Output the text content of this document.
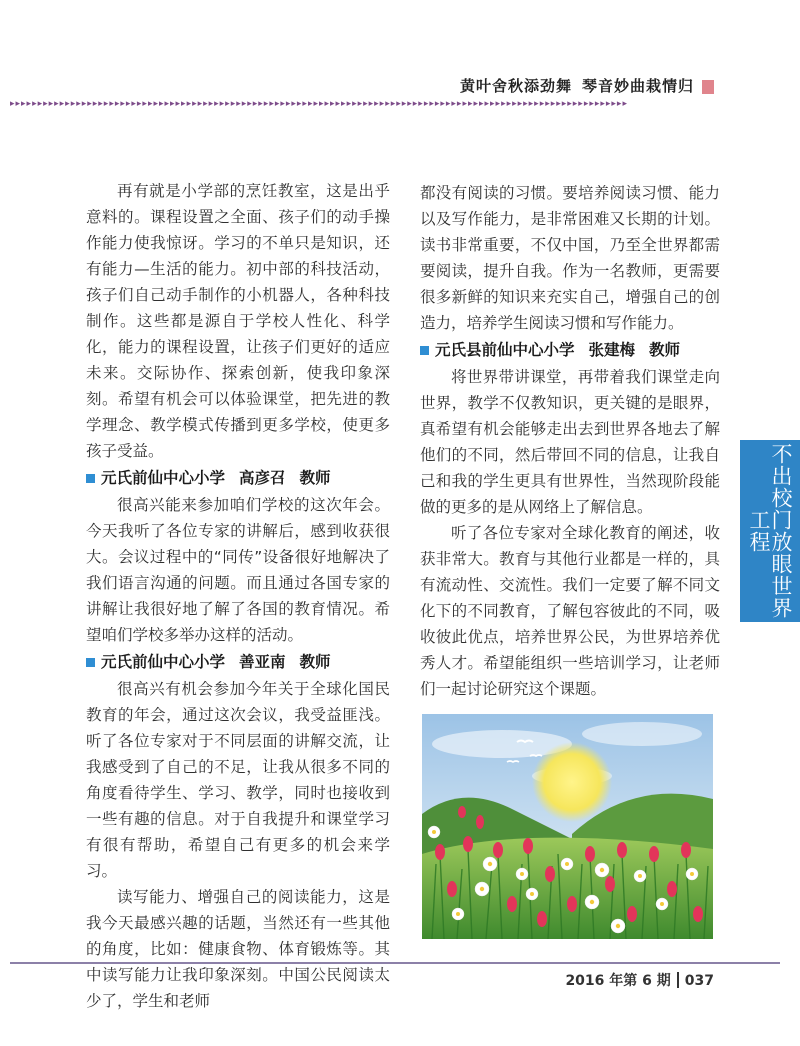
黄叶舍秋添劲舞 琴音妙曲栽情归
▸▸▸▸▸▸▸▸▸▸▸▸▸▸▸▸▸▸▸▸▸▸▸▸▸▸▸▸▸▸▸▸▸▸▸▸▸▸▸▸▸▸▸▸▸▸▸▸▸▸▸▸▸▸▸▸▸▸▸▸▸▸▸▸▸▸▸▸▸▸▸▸▸▸▸▸▸▸▸▸▸▸▸▸▸▸▸▸▸▸▸▸▸▸▸▸▸▸▸▸▸▸▸▸▸▸▸▸▸▸▸▸

再有就是小学部的烹饪教室，这是出乎意料的。课程设置之全面、孩子们的动手操作能力使我惊讶。学习的不单只是知识，还有能力—生活的能力。初中部的科技活动，孩子们自己动手制作的小机器人，各种科技制作。这些都是源自于学校人性化、科学化，能力的课程设置，让孩子们更好的适应未来。交际协作、探索创新，使我印象深刻。希望有机会可以体验课堂，把先进的教学理念、教学模式传播到更多学校，使更多孩子受益。

元氏前仙中心小学 高彦召 教师

很高兴能来参加咱们学校的这次年会。今天我听了各位专家的讲解后，感到收获很大。会议过程中的“同传”设备很好地解决了我们语言沟通的问题。而且通过各国专家的讲解让我很好地了解了各国的教育情况。希望咱们学校多举办这样的活动。

元氏前仙中心小学 善亚南 教师

很高兴有机会参加今年关于全球化国民教育的年会，通过这次会议，我受益匪浅。听了各位专家对于不同层面的讲解交流，让我感受到了自己的不足，让我从很多不同的角度看待学生、学习、教学，同时也接收到一些有趣的信息。对于自我提升和课堂学习有很有帮助，希望自己有更多的机会来学习。

读写能力、增强自己的阅读能力，这是我今天最感兴趣的话题，当然还有一些其他的角度，比如：健康食物、体育锻炼等。其中读写能力让我印象深刻。中国公民阅读太少了，学生和老师

都没有阅读的习惯。要培养阅读习惯、能力以及写作能力，是非常困难又长期的计划。读书非常重要，不仅中国，乃至全世界都需要阅读，提升自我。作为一名教师，更需要很多新鲜的知识来充实自己，增强自己的创造力，培养学生阅读习惯和写作能力。

元氏县前仙中心小学 张建梅 教师

将世界带讲课堂，再带着我们课堂走向世界，教学不仅教知识，更关键的是眼界，真希望有机会能够走出去到世界各地去了解他们的不同，然后带回不同的信息，让我自己和我的学生更具有世界性，当然现阶段能做的更多的是从网络上了解信息。

听了各位专家对全球化教育的阐述，收获非常大。教育与其他行业都是一样的，具有流动性、交流性。我们一定要了解不同文化下的不同教育，了解包容彼此的不同，吸收彼此优点，培养世界公民，为世界培养优秀人才。希望能组织一些培训学习，让老师们一起讨论研究这个课题。

不出校门放眼世界工程
2016 年第 6 期 037
